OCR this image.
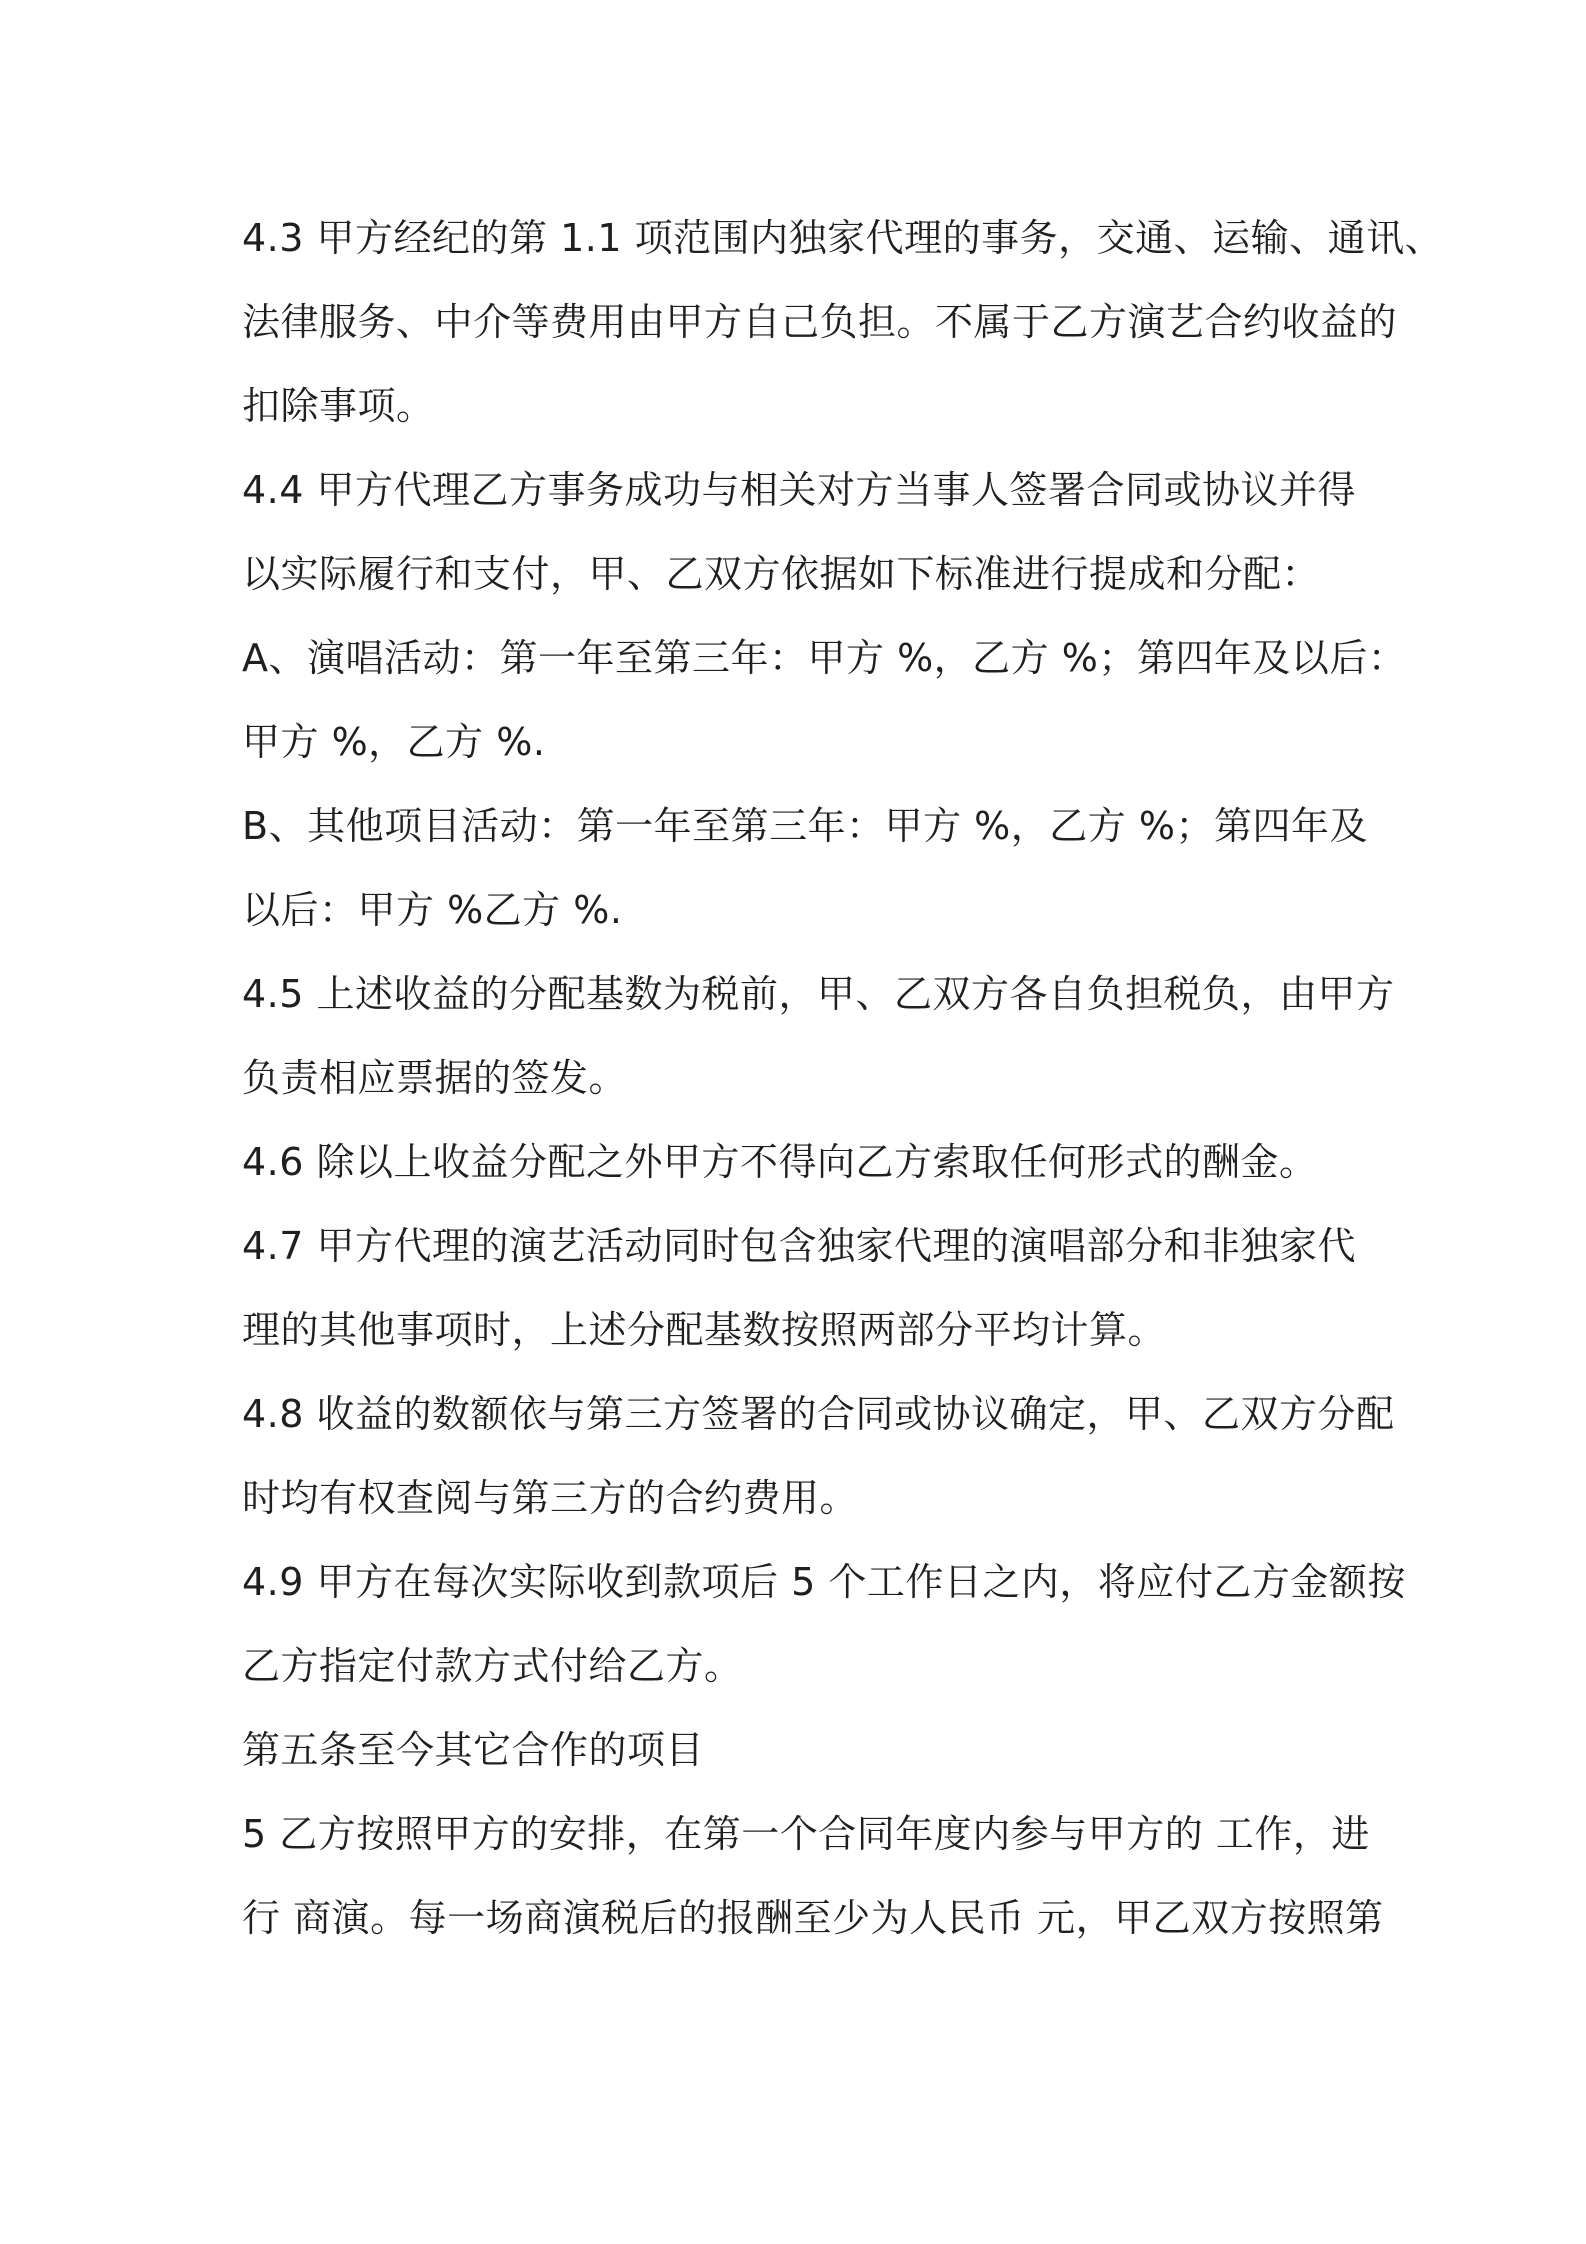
4.3 甲方经纪的第 1.1 项范围内独家代理的事务，交通、运输、通讯、
法律服务、中介等费用由甲方自己负担。不属于乙方演艺合约收益的
扣除事项。
4.4 甲方代理乙方事务成功与相关对方当事人签署合同或协议并得
以实际履行和支付，甲、乙双方依据如下标准进行提成和分配：
A、演唱活动：第一年至第三年：甲方 %，乙方 %；第四年及以后：
甲方 %，乙方 %.
B、其他项目活动：第一年至第三年：甲方 %，乙方 %；第四年及
以后：甲方 %乙方 %.
4.5 上述收益的分配基数为税前，甲、乙双方各自负担税负，由甲方
负责相应票据的签发。
4.6 除以上收益分配之外甲方不得向乙方索取任何形式的酬金。
4.7 甲方代理的演艺活动同时包含独家代理的演唱部分和非独家代
理的其他事项时，上述分配基数按照两部分平均计算。
4.8 收益的数额依与第三方签署的合同或协议确定，甲、乙双方分配
时均有权查阅与第三方的合约费用。
4.9 甲方在每次实际收到款项后 5 个工作日之内，将应付乙方金额按
乙方指定付款方式付给乙方。
第五条至今其它合作的项目
5 乙方按照甲方的安排，在第一个合同年度内参与甲方的 工作，进
行 商演。每一场商演税后的报酬至少为人民币 元，甲乙双方按照第
